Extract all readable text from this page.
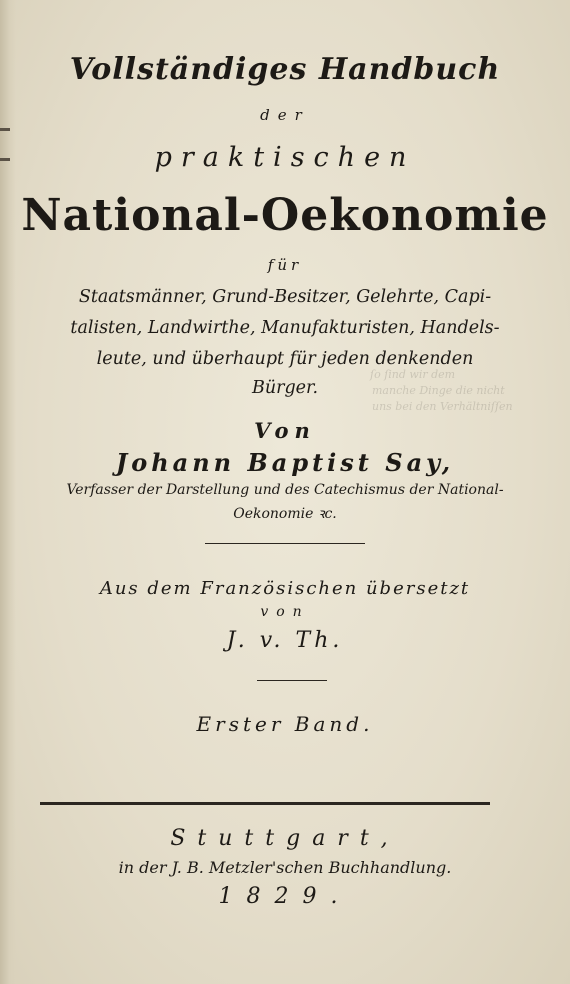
ſo ſind wir dem
manche Dinge die nicht
uns bei den Verhältniſſen
Vollständiges Handbuch
der
praktischen
National-Oekonomie
für
Staatsmänner, Grund-Besitzer, Gelehrte, Capi-
talisten, Landwirthe, Manufakturisten, Handels-
leute, und überhaupt für jeden denkenden
Bürger.
Von
Johann Baptist Say,
Verfasser der Darstellung und des Catechismus der National-
Oekonomie ꝛc.
Aus dem Französischen übersetzt
von
J. v. Th.
Erster Band.
Stuttgart,
in der J. B. Metzler'schen Buchhandlung.
1829.
